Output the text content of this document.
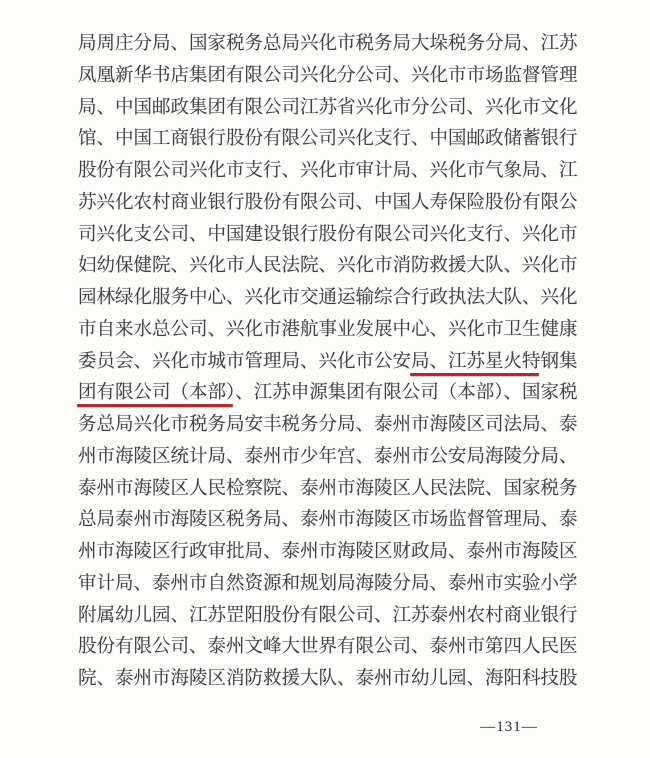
局周庄分局、国家税务总局兴化市税务局大垛税务分局、江苏
凤凰新华书店集团有限公司兴化分公司、兴化市市场监督管理
局、中国邮政集团有限公司江苏省兴化市分公司、兴化市文化
馆、中国工商银行股份有限公司兴化支行、中国邮政储蓄银行
股份有限公司兴化市支行、兴化市审计局、兴化市气象局、江
苏兴化农村商业银行股份有限公司、中国人寿保险股份有限公
司兴化支公司、中国建设银行股份有限公司兴化支行、兴化市
妇幼保健院、兴化市人民法院、兴化市消防救援大队、兴化市
园林绿化服务中心、兴化市交通运输综合行政执法大队、兴化
市自来水总公司、兴化市港航事业发展中心、兴化市卫生健康
委员会、兴化市城市管理局、兴化市公安局、江苏星火特钢集
团有限公司（本部）、江苏申源集团有限公司（本部）、国家税
务总局兴化市税务局安丰税务分局、泰州市海陵区司法局、泰
州市海陵区统计局、泰州市少年宫、泰州市公安局海陵分局、
泰州市海陵区人民检察院、泰州市海陵区人民法院、国家税务
总局泰州市海陵区税务局、泰州市海陵区市场监督管理局、泰
州市海陵区行政审批局、泰州市海陵区财政局、泰州市海陵区
审计局、泰州市自然资源和规划局海陵分局、泰州市实验小学
附属幼儿园、江苏罡阳股份有限公司、江苏泰州农村商业银行
股份有限公司、泰州文峰大世界有限公司、泰州市第四人民医
院、泰州市海陵区消防救援大队、泰州市幼儿园、海阳科技股
—131—
